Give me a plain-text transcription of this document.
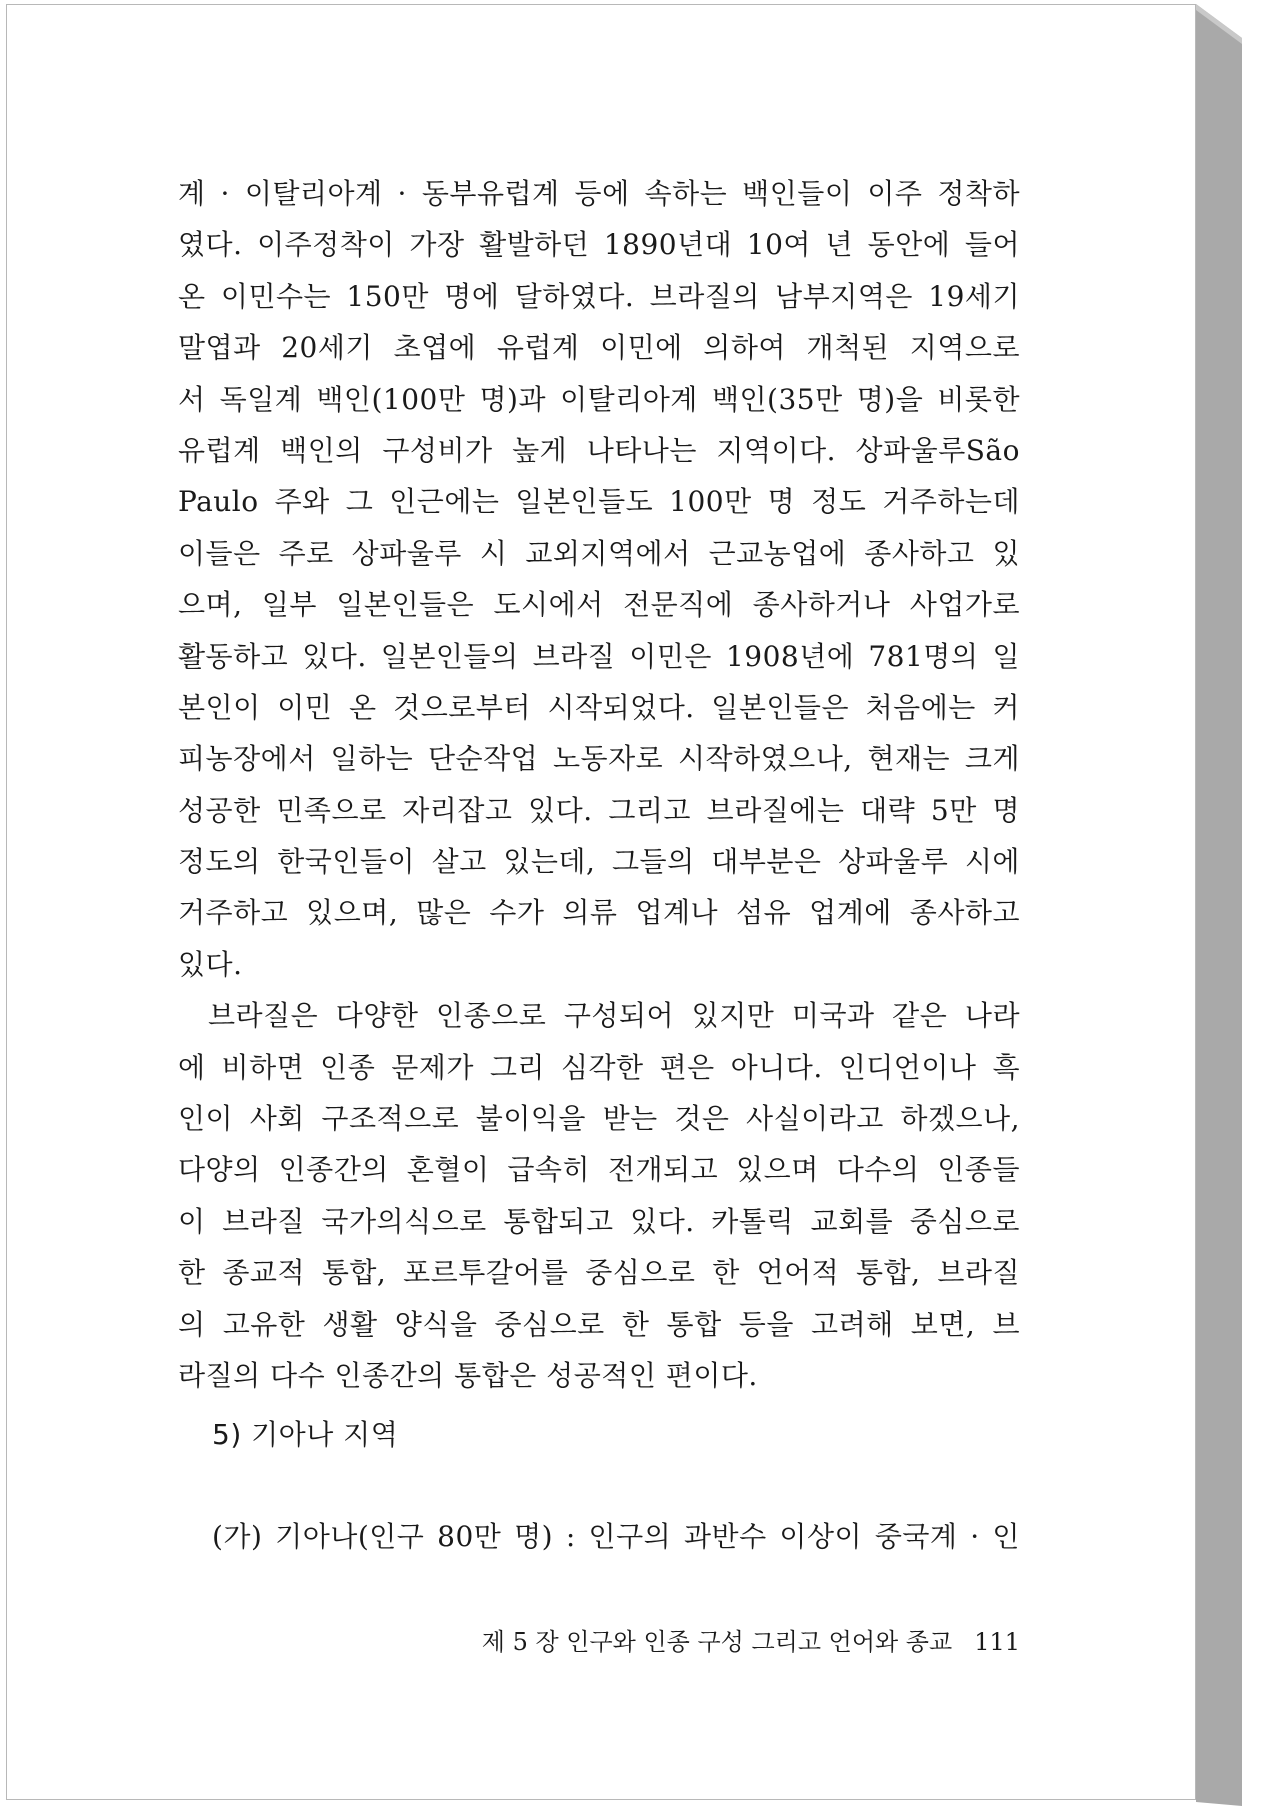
계 · 이탈리아계 · 동부유럽계 등에 속하는 백인들이 이주 정착하
였다. 이주정착이 가장 활발하던 1890년대 10여 년 동안에 들어
온 이민수는 150만 명에 달하였다. 브라질의 남부지역은 19세기
말엽과 20세기 초엽에 유럽계 이민에 의하여 개척된 지역으로
서 독일계 백인(100만 명)과 이탈리아계 백인(35만 명)을 비롯한
유럽계 백인의 구성비가 높게 나타나는 지역이다. 상파울루São
Paulo 주와 그 인근에는 일본인들도 100만 명 정도 거주하는데
이들은 주로 상파울루 시 교외지역에서 근교농업에 종사하고 있
으며, 일부 일본인들은 도시에서 전문직에 종사하거나 사업가로
활동하고 있다. 일본인들의 브라질 이민은 1908년에 781명의 일
본인이 이민 온 것으로부터 시작되었다. 일본인들은 처음에는 커
피농장에서 일하는 단순작업 노동자로 시작하였으나, 현재는 크게
성공한 민족으로 자리잡고 있다. 그리고 브라질에는 대략 5만 명
정도의 한국인들이 살고 있는데, 그들의 대부분은 상파울루 시에
거주하고 있으며, 많은 수가 의류 업계나 섬유 업계에 종사하고
있다.
브라질은 다양한 인종으로 구성되어 있지만 미국과 같은 나라
에 비하면 인종 문제가 그리 심각한 편은 아니다. 인디언이나 흑
인이 사회 구조적으로 불이익을 받는 것은 사실이라고 하겠으나,
다양의 인종간의 혼혈이 급속히 전개되고 있으며 다수의 인종들
이 브라질 국가의식으로 통합되고 있다. 카톨릭 교회를 중심으로
한 종교적 통합, 포르투갈어를 중심으로 한 언어적 통합, 브라질
의 고유한 생활 양식을 중심으로 한 통합 등을 고려해 보면, 브
라질의 다수 인종간의 통합은 성공적인 편이다.
5) 기아나 지역
(가) 기아나(인구 80만 명) : 인구의 과반수 이상이 중국계 · 인
제 5 장 인구와 인종 구성 그리고 언어와 종교 111
